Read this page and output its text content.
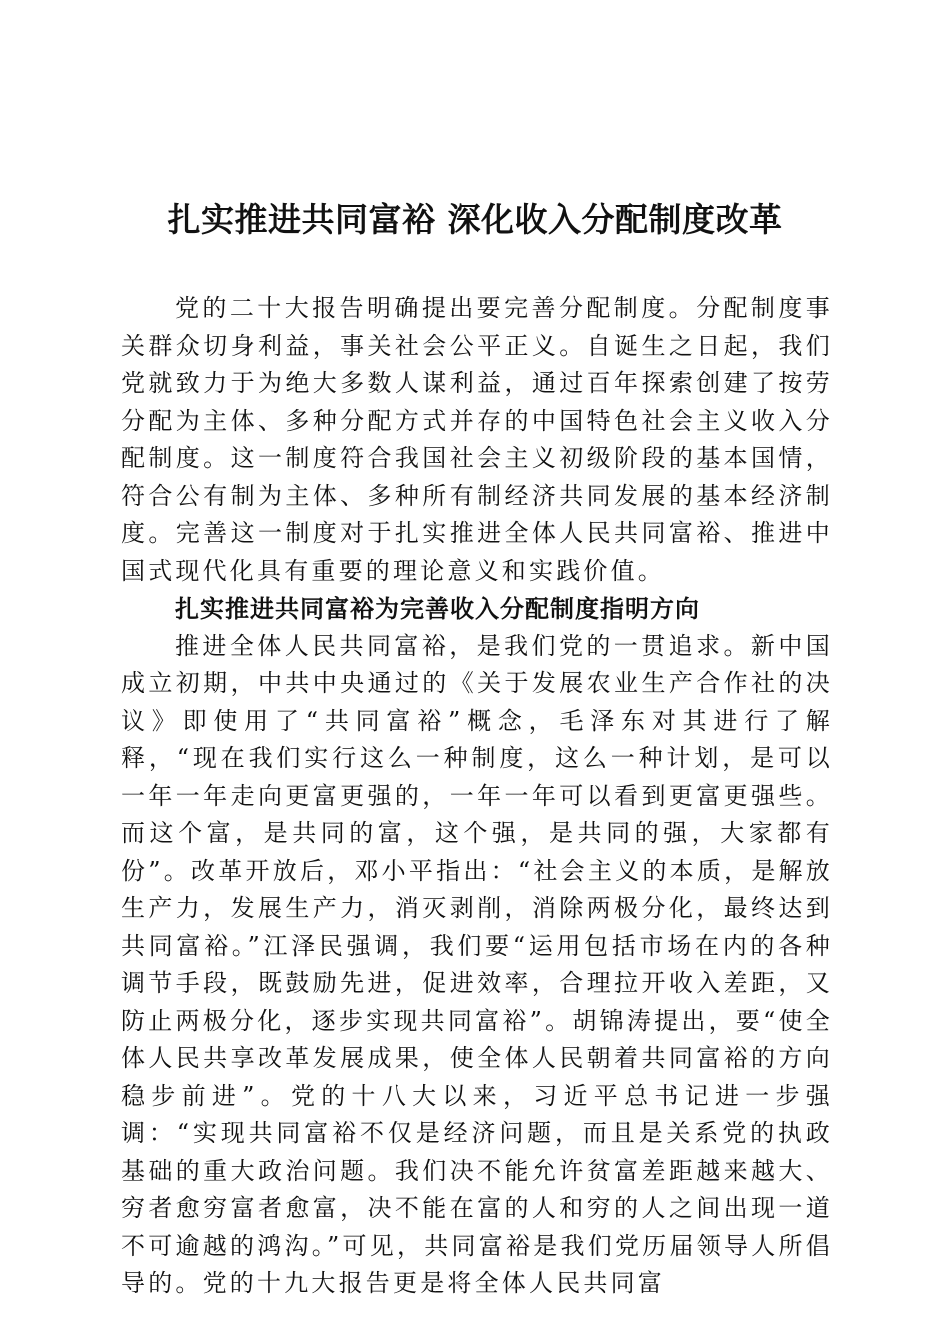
扎实推进共同富裕 深化收入分配制度改革

党的二十大报告明确提出要完善分配制度。分配制度事关群众切身利益，事关社会公平正义。自诞生之日起，我们党就致力于为绝大多数人谋利益，通过百年探索创建了按劳分配为主体、多种分配方式并存的中国特色社会主义收入分配制度。这一制度符合我国社会主义初级阶段的基本国情，符合公有制为主体、多种所有制经济共同发展的基本经济制度。完善这一制度对于扎实推进全体人民共同富裕、推进中国式现代化具有重要的理论意义和实践价值。

扎实推进共同富裕为完善收入分配制度指明方向

推进全体人民共同富裕，是我们党的一贯追求。新中国成立初期，中共中央通过的《关于发展农业生产合作社的决议》即使用了“共同富裕”概念，毛泽东对其进行了解释，“现在我们实行这么一种制度，这么一种计划，是可以一年一年走向更富更强的，一年一年可以看到更富更强些。而这个富，是共同的富，这个强，是共同的强，大家都有份”。改革开放后，邓小平指出：“社会主义的本质，是解放生产力，发展生产力，消灭剥削，消除两极分化，最终达到共同富裕。”江泽民强调，我们要“运用包括市场在内的各种调节手段，既鼓励先进，促进效率，合理拉开收入差距，又防止两极分化，逐步实现共同富裕”。胡锦涛提出，要“使全体人民共享改革发展成果，使全体人民朝着共同富裕的方向稳步前进”。党的十八大以来，习近平总书记进一步强调：“实现共同富裕不仅是经济问题，而且是关系党的执政基础的重大政治问题。我们决不能允许贫富差距越来越大、穷者愈穷富者愈富，决不能在富的人和穷的人之间出现一道不可逾越的鸿沟。”可见，共同富裕是我们党历届领导人所倡导的。党的十九大报告更是将全体人民共同富
